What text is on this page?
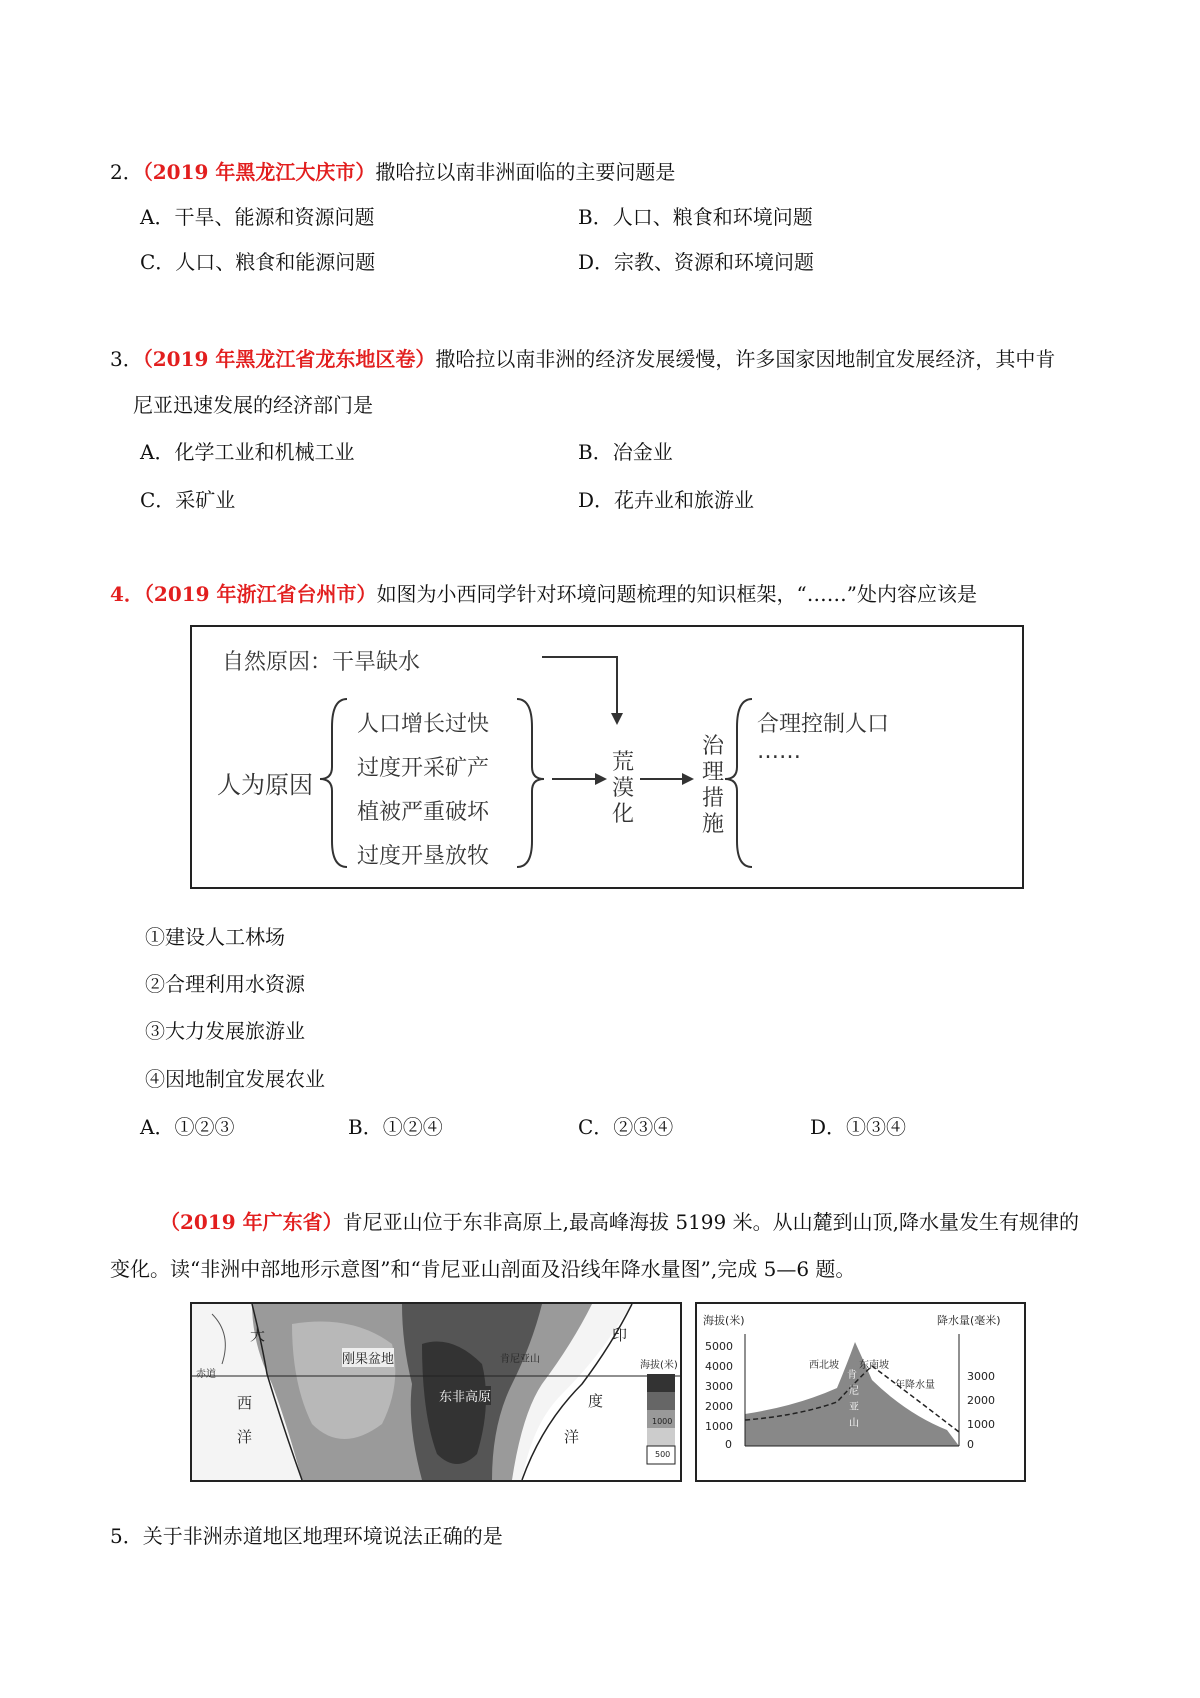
2．（2019 年黑龙江大庆市）撒哈拉以南非洲面临的主要问题是
A．干旱、能源和资源问题	B．人口、粮食和环境问题
C．人口、粮食和能源问题	D．宗教、资源和环境问题
3．（2019 年黑龙江省龙东地区卷）撒哈拉以南非洲的经济发展缓慢，许多国家因地制宜发展经济，其中肯
尼亚迅速发展的经济部门是
A．化学工业和机械工业	B．冶金业
C．采矿业	D．花卉业和旅游业
4．（2019 年浙江省台州市）如图为小西同学针对环境问题梳理的知识框架，“……”处内容应该是
自然原因：干旱缺水
人为原因
人口增长过快
过度开采矿产
植被严重破坏
过度开垦放牧
荒
漠
化
治
理
措
施
合理控制人口
……
①建设人工林场
②合理利用水资源
③大力发展旅游业
④因地制宜发展农业
A．①②③	B．①②④	C．②③④	D．①③④
（2019 年广东省）肯尼亚山位于东非高原上,最高峰海拔 5199 米。从山麓到山顶,降水量发生有规律的
变化。读“非洲中部地形示意图”和“肯尼亚山剖面及沿线年降水量图”,完成 5—6 题。
大
西
洋
赤道
刚果盆地
东非高原
印
度
洋
肯尼亚山
海拔(米)
1000
500
海拔(米)	降水量(毫米)
5000
4000
3000
2000
1000
0
3000
2000
1000
0
西北坡 东南坡
年降水量
肯
尼
亚
山
5．关于非洲赤道地区地理环境说法正确的是
